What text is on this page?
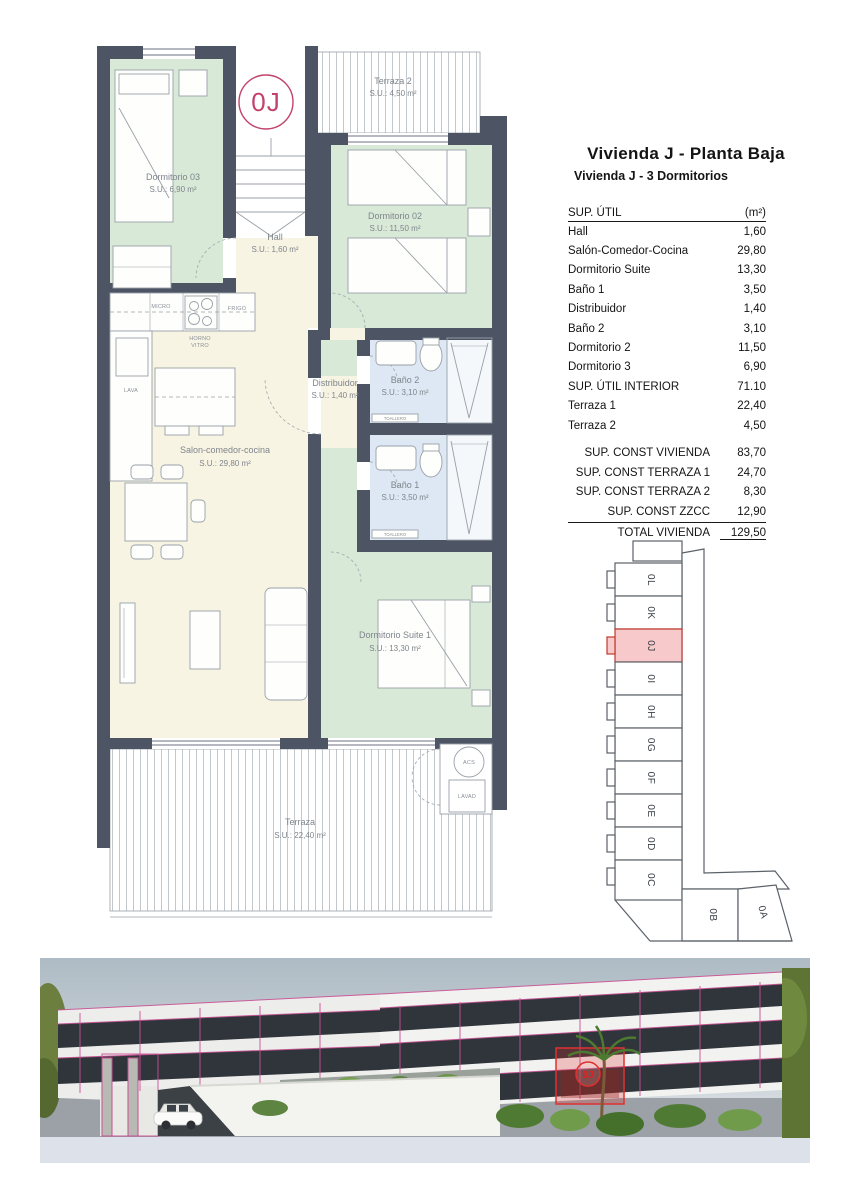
0J
Dormitorio 03
S.U.: 6,90 m²
Terraza 2
S.U.: 4,50 m²
Dormitorio 02
S.U.: 11,50 m²
Hall
S.U.: 1,60 m²
Distribuidor
S.U.: 1,40 m²
Baño 2
S.U.: 3,10 m²
Baño 1
S.U.: 3,50 m²
Salon-comedor-cocina
S.U.: 29,80 m²
Dormitorio Suite 1
S.U.: 13,30 m²
Terraza
S.U.: 22,40 m²
MICRO	FRIGO
HORNO
VITRO
LAVA
ACS
LAVAD
TOALLERO
TOALLERO
Vivienda J - Planta Baja
Vivienda J - 3 Dormitorios
SUP. ÚTIL	(m²)
Hall	1,60
Salón-Comedor-Cocina	29,80
Dormitorio Suite	13,30
Baño 1	3,50
Distribuidor	1,40
Baño 2	3,10
Dormitorio 2	11,50
Dormitorio 3	6,90
SUP. ÚTIL INTERIOR	71.10
Terraza 1	22,40
Terraza 2	4,50
SUP. CONST VIVIENDA	83,70
SUP. CONST TERRAZA 1	24,70
SUP. CONST TERRAZA 2	8,30
SUP. CONST ZZCC	12,90
TOTAL VIVIENDA	129,50
0L
0K
0J
0I
0H
0G
0F
0E
0D
0C
0B	0A
0J
